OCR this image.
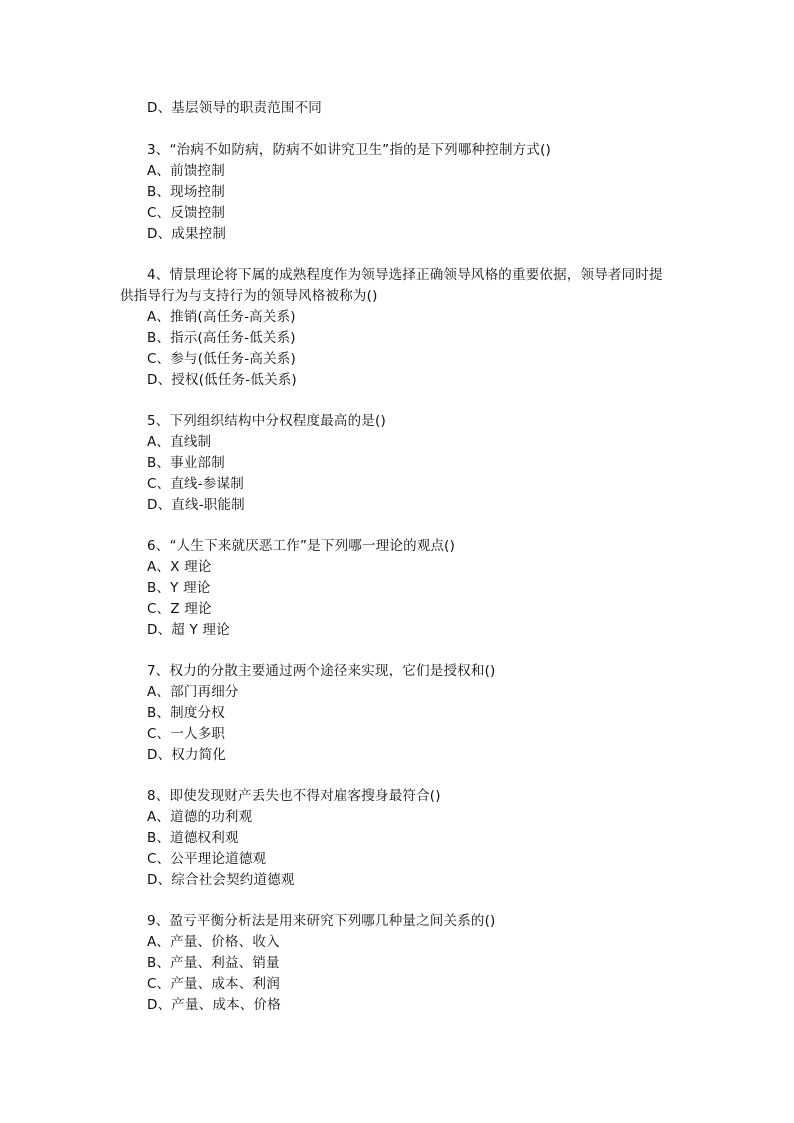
D、基层领导的职责范围不同
3、“治病不如防病，防病不如讲究卫生”指的是下列哪种控制方式()
A、前馈控制
B、现场控制
C、反馈控制
D、成果控制
4、情景理论将下属的成熟程度作为领导选择正确领导风格的重要依据，领导者同时提
供指导行为与支持行为的领导风格被称为()
A、推销(高任务-高关系)
B、指示(高任务-低关系)
C、参与(低任务-高关系)
D、授权(低任务-低关系)
5、下列组织结构中分权程度最高的是()
A、直线制
B、事业部制
C、直线-参谋制
D、直线-职能制
6、“人生下来就厌恶工作”是下列哪一理论的观点()
A、X 理论
B、Y 理论
C、Z 理论
D、超 Y 理论
7、权力的分散主要通过两个途径来实现，它们是授权和()
A、部门再细分
B、制度分权
C、一人多职
D、权力简化
8、即使发现财产丢失也不得对雇客搜身最符合()
A、道德的功利观
B、道德权利观
C、公平理论道德观
D、综合社会契约道德观
9、盈亏平衡分析法是用来研究下列哪几种量之间关系的()
A、产量、价格、收入
B、产量、利益、销量
C、产量、成本、利润
D、产量、成本、价格
